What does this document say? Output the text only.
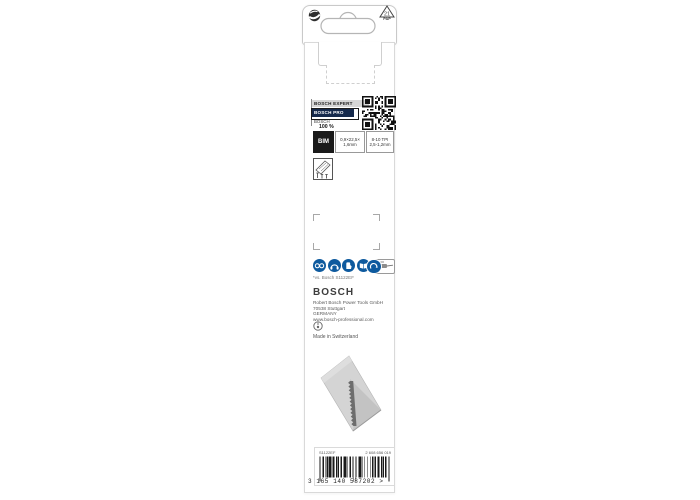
21
PAP
BOSCH EXPERT
BOSCH PRO
BOSCH
100 %
BIM	0,9×22,5×
1,6mm
8-10 TPI
2,5-1,2mm
*vs. Bosch S1122EF
BOSCH
Robert Bosch Power Tools GmbH
70538 Stuttgart
GERMANY
www.bosch-professional.com
Made in Switzerland
S1122EF	2 608 656 019
3 165 140 587202 >
